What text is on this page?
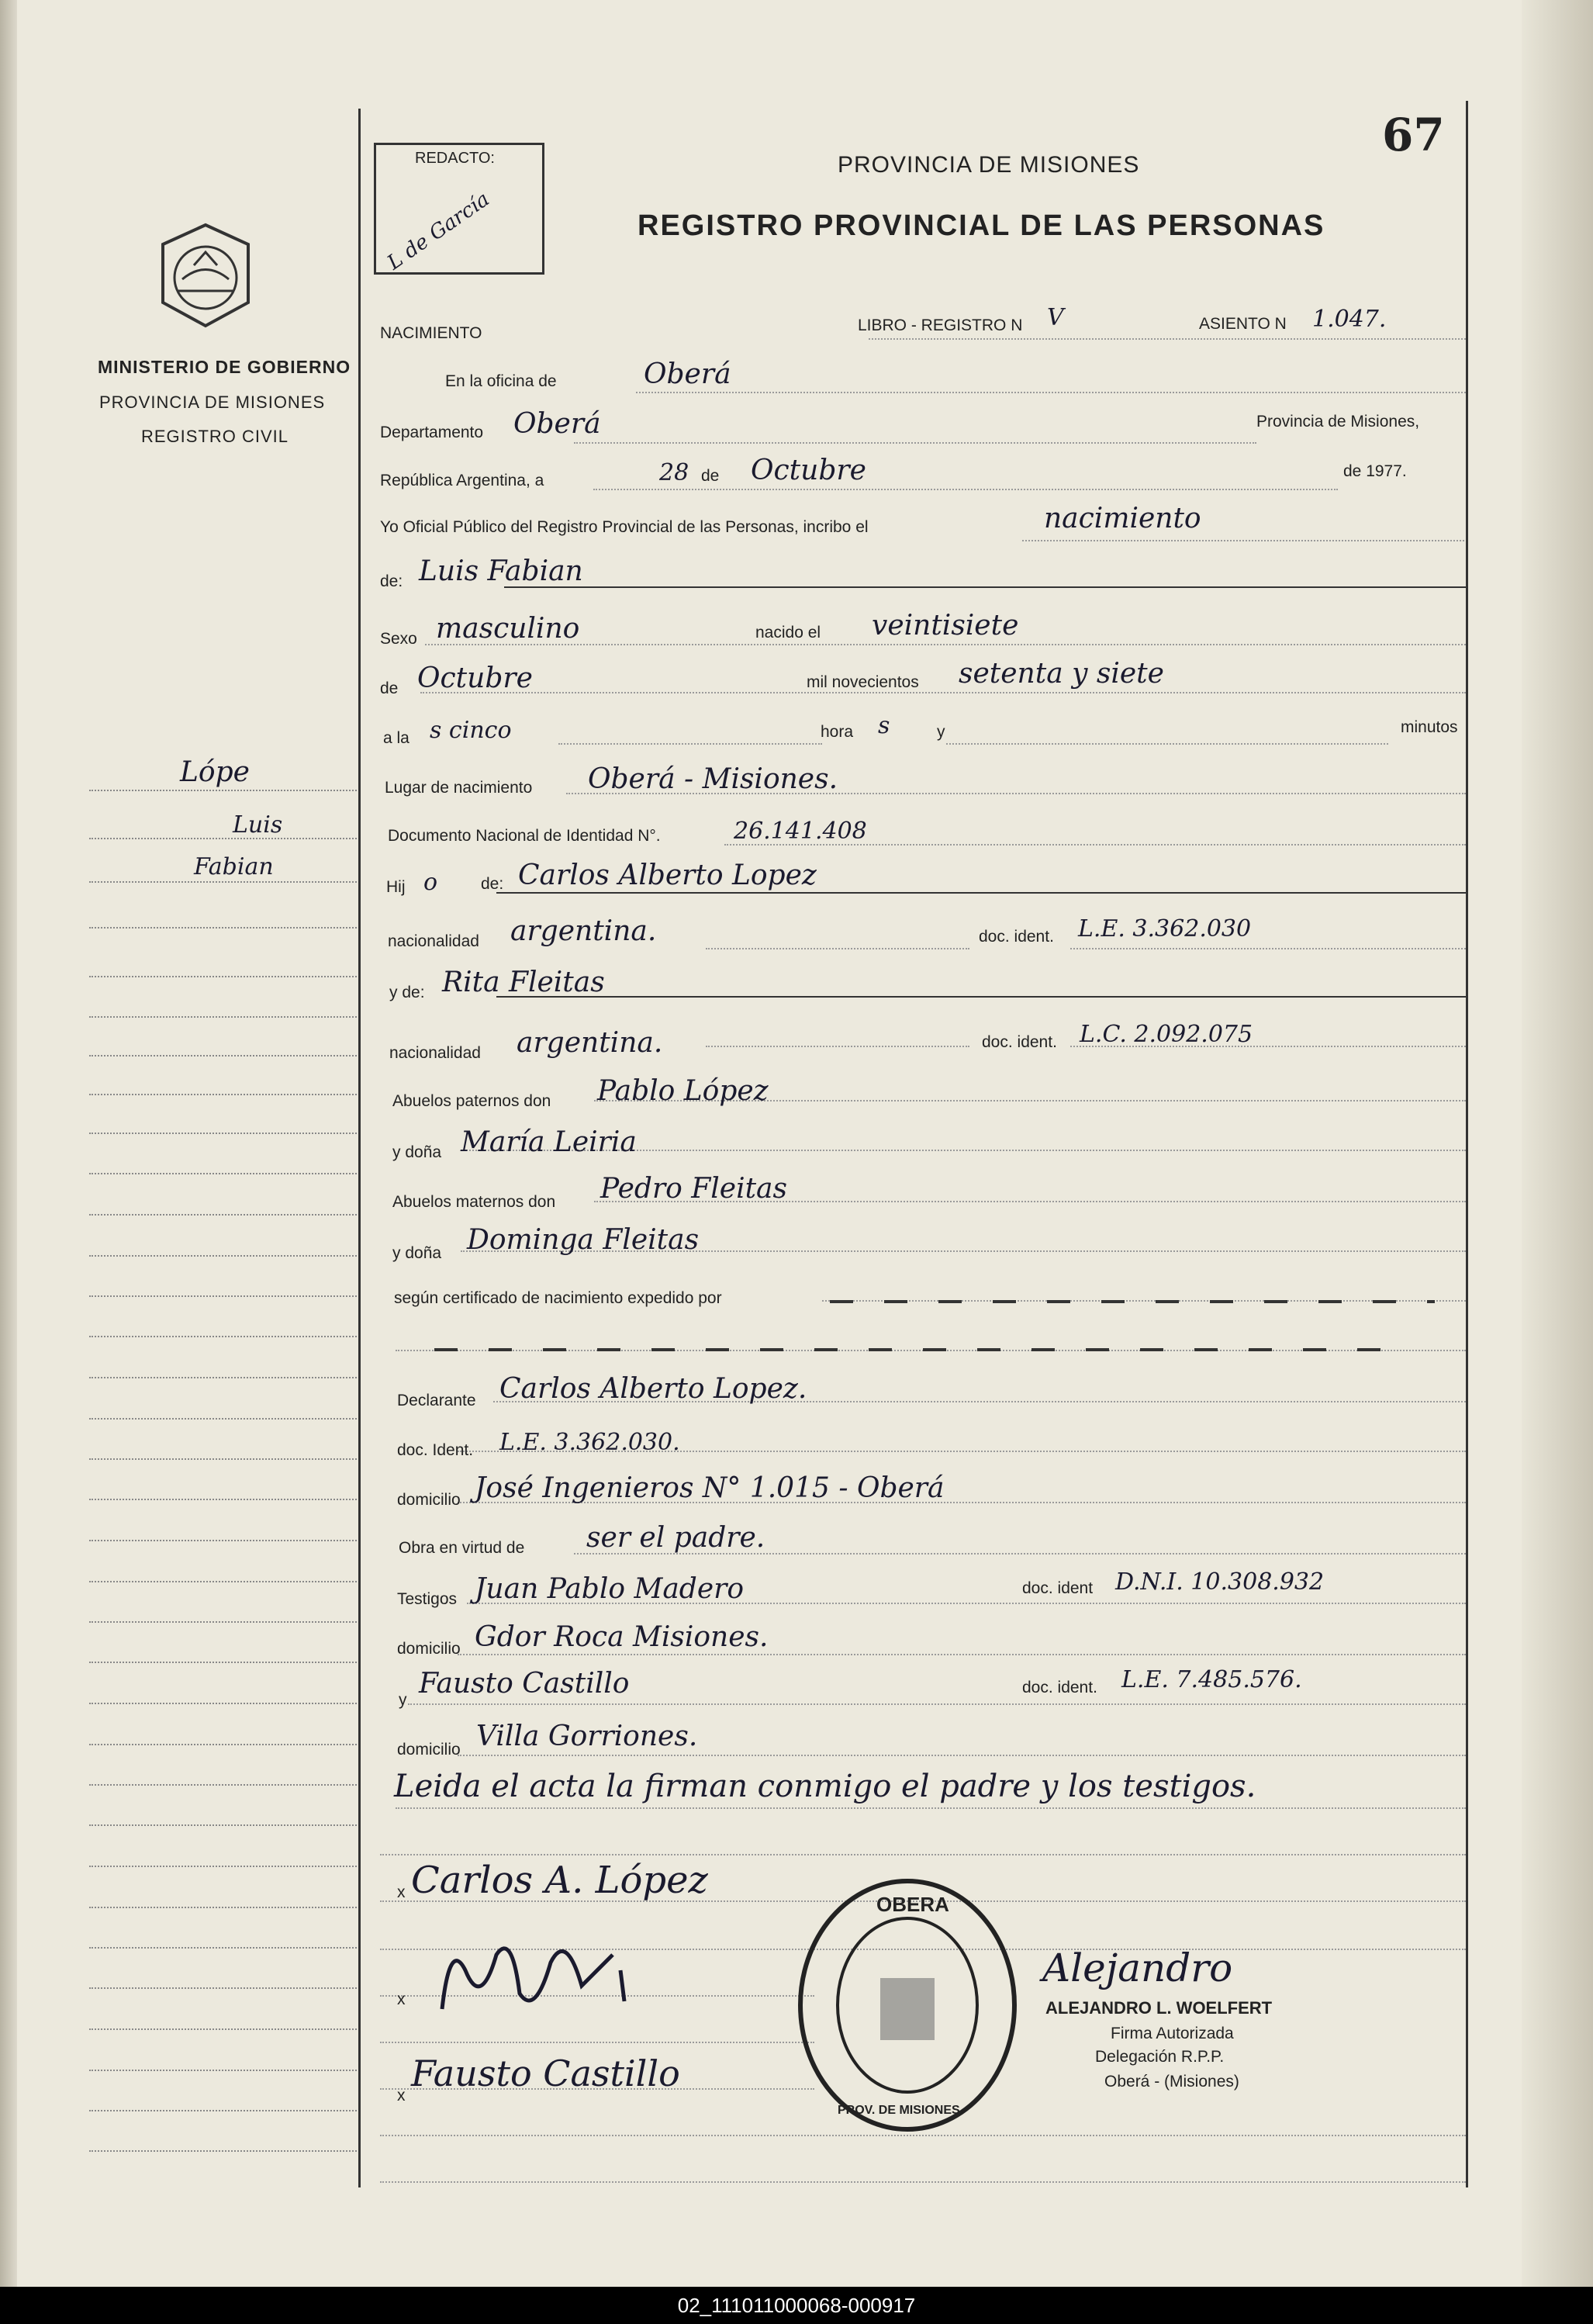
67
REDACTO:
L de García
PROVINCIA DE MISIONES
REGISTRO PROVINCIAL DE LAS PERSONAS
MINISTERIO DE GOBIERNO
PROVINCIA DE MISIONES
REGISTRO CIVIL
Lópe
Luis
Fabian
NACIMIENTO	LIBRO - REGISTRO N V	ASIENTO N 1.047.
En la oficina de	Oberá
Departamento Oberá	Provincia de Misiones,
República Argentina, a	28 de Octubre	de 1977.
Yo Oficial Público del Registro Provincial de las Personas, incribo el	nacimiento
de: Luis Fabian
Sexo masculino	nacido el veintisiete
de Octubre	mil novecientos setenta y siete
a la s cinco	hora s	y	minutos
Lugar de nacimiento Oberá - Misiones.
Documento Nacional de Identidad N°.	26.141.408
Hij o	de: Carlos Alberto Lopez
nacionalidad argentina.	doc. ident. L.E. 3.362.030
y de: Rita Fleitas
nacionalidad argentina.	doc. ident. L.C. 2.092.075
Abuelos paternos don Pablo López
y doña María Leiria
Abuelos maternos don Pedro Fleitas
y doña Dominga Fleitas
según certificado de nacimiento expedido por
Declarante Carlos Alberto Lopez.
doc. Ident. L.E. 3.362.030.
domicilio José Ingenieros N° 1.015 - Oberá
Obra en virtud de ser el padre.
Testigos Juan Pablo Madero	doc. ident D.N.I. 10.308.932
domicilio Gdor Roca Misiones.
y
Fausto Castillo	doc. ident. L.E. 7.485.576.
domicilio Villa Gorriones.
Leida el acta la firman conmigo el padre y los testigos.
x Carlos A. López
x
x
Fausto Castillo
OBERA
PROV. DE MISIONES
Alejandro
ALEJANDRO L. WOELFERT
Firma Autorizada
Delegación R.P.P.
Oberá - (Misiones)
02_111011000068-000917
